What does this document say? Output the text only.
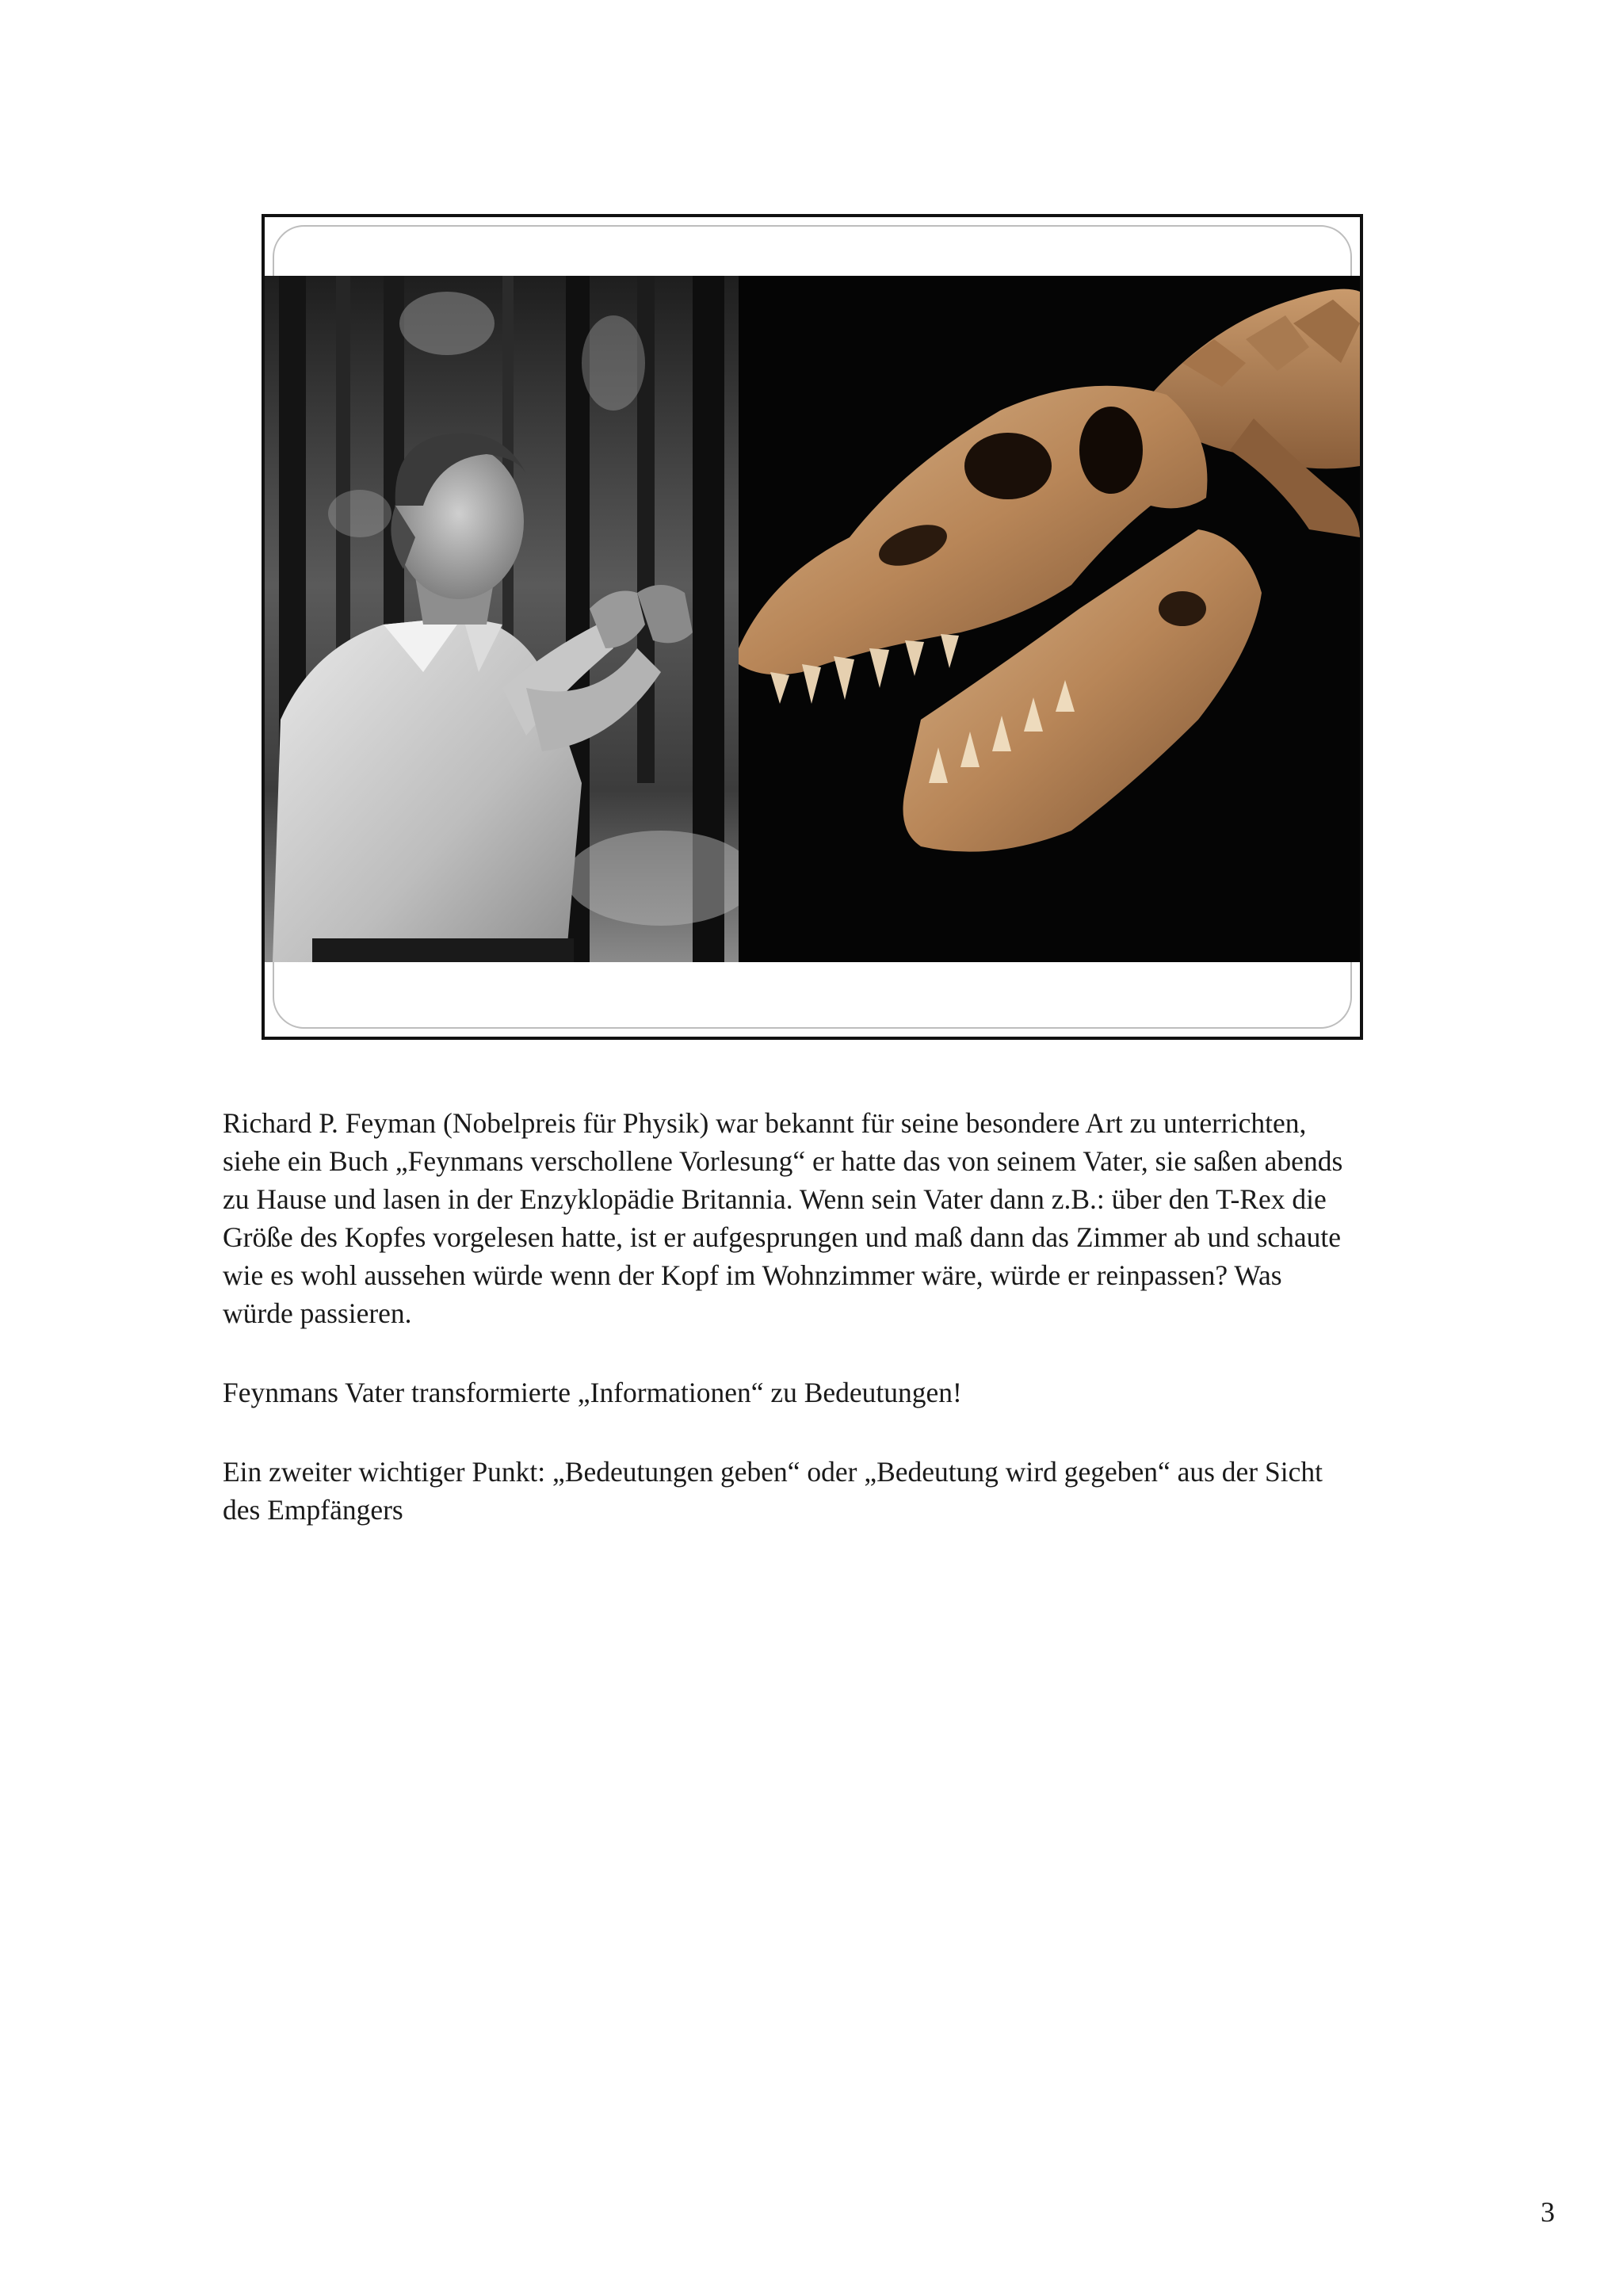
Richard P. Feyman (Nobelpreis für Physik) war bekannt für seine besondere Art zu unterrichten,
siehe ein Buch „Feynmans verschollene Vorlesung“ er hatte das von seinem Vater, sie saßen abends
zu Hause und lasen in der Enzyklopädie Britannia. Wenn sein Vater dann z.B.: über den T-Rex die
Größe des Kopfes vorgelesen hatte, ist er aufgesprungen und maß dann das Zimmer ab und schaute
wie es wohl aussehen würde wenn der Kopf im Wohnzimmer wäre, würde er reinpassen? Was
würde passieren.

Feynmans Vater transformierte „Informationen“ zu Bedeutungen!

Ein zweiter wichtiger Punkt: „Bedeutungen geben“ oder „Bedeutung wird gegeben“ aus der Sicht
des Empfängers

3
